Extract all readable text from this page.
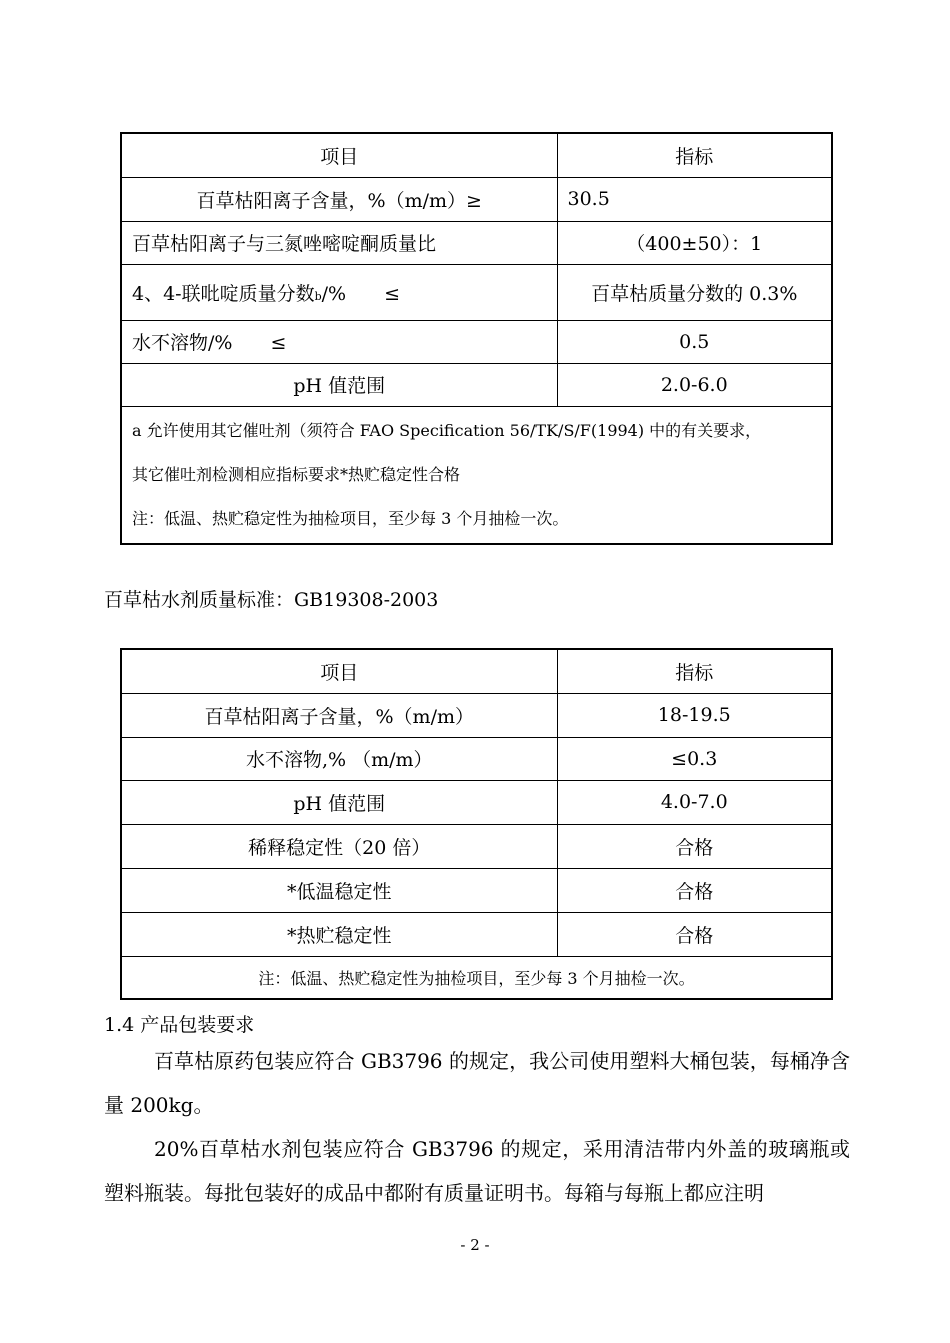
项目	指标
百草枯阳离子含量，%（m/m）≥	30.5
百草枯阳离子与三氮唑嘧啶酮质量比	（400±50）：1
4、4-联吡啶质量分数b/%　　≤	百草枯质量分数的 0.3%
水不溶物/%　　≤	0.5
pH 值范围	2.0-6.0

a 允许使用其它催吐剂（须符合 FAO Specification 56/TK/S/F(1994) 中的有关要求，
其它催吐剂检测相应指标要求*热贮稳定性合格
注：低温、热贮稳定性为抽检项目，至少每 3 个月抽检一次。	
百草枯水剂质量标准：GB19308-2003
项目	指标
百草枯阳离子含量，%（m/m）	18-19.5
水不溶物,% （m/m）	≤0.3
pH 值范围	4.0-7.0
稀释稳定性（20 倍）	合格
*低温稳定性	合格
*热贮稳定性	合格
注：低温、热贮稳定性为抽检项目，至少每 3 个月抽检一次。	
1.4 产品包装要求
百草枯原药包装应符合 GB3796 的规定，我公司使用塑料大桶包装，每桶净含量 200kg。
20%百草枯水剂包装应符合 GB3796 的规定，采用清洁带内外盖的玻璃瓶或塑料瓶装。每批包装好的成品中都附有质量证明书。每箱与每瓶上都应注明
- 2 -
